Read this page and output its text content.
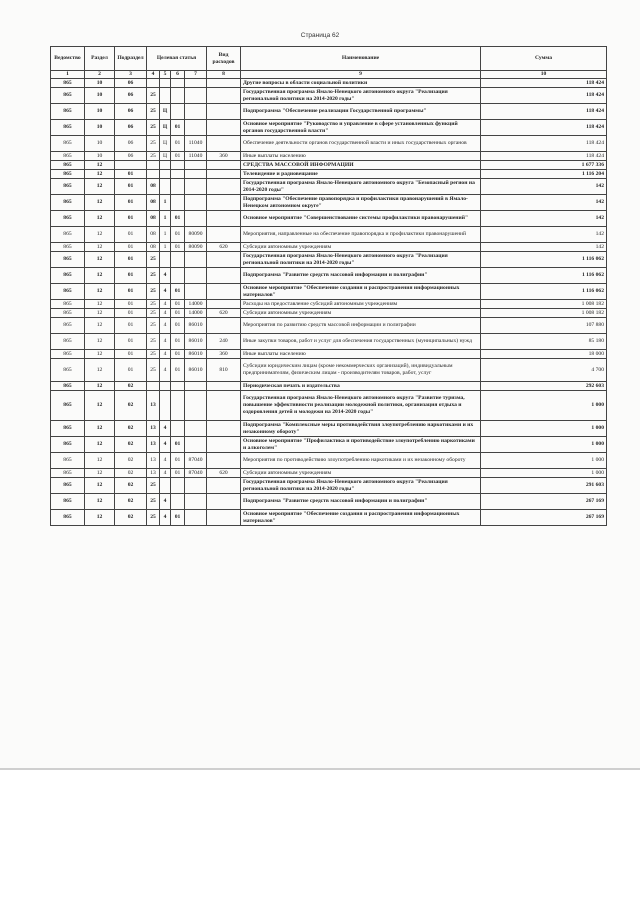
Страница 62
Ведомство	Раздел	Подраздел	Целевая статья				Вид расходов	Наименование	Сумма
1	2	3	4	5	6	7	8	9	10
865	10	06						Другие вопросы в области социальной политики	118 424
865	10	06	25					Государственная программа Ямало-Ненецкого автономного округа "Реализация региональной политики на 2014-2020 годы"	118 424
865	10	06	25	Ц				Подпрограмма "Обеспечение реализации Государственной программы"	118 424
865	10	06	25	Ц	01			Основное мероприятие "Руководство и управление в сфере установленных функций органов государственной власти"	118 424
865	10	06	25	Ц	01	11040		Обеспечение деятельности органов государственной власти и иных государственных органов	118 424
865	10	06	25	Ц	01	11040	360	Иные выплаты населению	118 424
865	12							СРЕДСТВА МАССОВОЙ ИНФОРМАЦИИ	1 677 336
865	12	01						Телевидение и радиовещание	1 116 204
865	12	01	08					Государственная программа Ямало-Ненецкого автономного округа "Безопасный регион на 2014-2020 годы"	142
865	12	01	08	1				Подпрограмма "Обеспечение правопорядка и профилактики правонарушений в Ямало-Ненецком автономном округе"	142
865	12	01	08	1	01			Основное мероприятие "Совершенствование системы профилактики правонарушений"	142
865	12	01	08	1	01	80090		Мероприятия, направленные на обеспечение правопорядка и профилактики правонарушений	142
865	12	01	08	1	01	80090	620	Субсидии автономным учреждениям	142
865	12	01	25					Государственная программа Ямало-Ненецкого автономного округа "Реализация региональной политики на 2014-2020 годы"	1 116 062
865	12	01	25	4				Подпрограмма "Развитие средств массовой информации и полиграфии"	1 116 062
865	12	01	25	4	01			Основное мероприятие "Обеспечение создания и распространения информационных материалов"	1 116 062
865	12	01	25	4	01	14000		Расходы на предоставление субсидий автономным учреждениям	1 008 182
865	12	01	25	4	01	14000	620	Субсидии автономным учреждениям	1 008 182
865	12	01	25	4	01	86010		Мероприятия по развитию средств массовой информации и полиграфии	107 880
865	12	01	25	4	01	86010	240	Иные закупки товаров, работ и услуг для обеспечения государственных (муниципальных) нужд	85 180
865	12	01	25	4	01	86010	360	Иные выплаты населению	18 000
865	12	01	25	4	01	86010	810	Субсидии юридическим лицам (кроме некоммерческих организаций), индивидуальным предпринимателям, физическим лицам - производителям товаров, работ, услуг	4 700
865	12	02						Периодическая печать и издательства	292 603
865	12	02	13					Государственная программа Ямало-Ненецкого автономного округа "Развитие туризма, повышение эффективности реализации молодежной политики, организация отдыха и оздоровления детей и молодежи на 2014-2020 годы"	1 000
865	12	02	13	4				Подпрограмма "Комплексные меры противодействия злоупотреблению наркотиками и их незаконному обороту"	1 000
865	12	02	13	4	01			Основное мероприятие "Профилактика и противодействие злоупотреблению наркотиками и алкоголем"	1 000
865	12	02	13	4	01	87040		Мероприятия по противодействию злоупотреблению наркотиками и их незаконному обороту	1 000
865	12	02	13	4	01	87040	620	Субсидии автономным учреждениям	1 000
865	12	02	25					Государственная программа Ямало-Ненецкого автономного округа "Реализация региональной политики на 2014-2020 годы"	291 603
865	12	02	25	4				Подпрограмма "Развитие средств массовой информации и полиграфии"	267 169
865	12	02	25	4	01			Основное мероприятие "Обеспечение создания и распространения информационных материалов"	267 169
